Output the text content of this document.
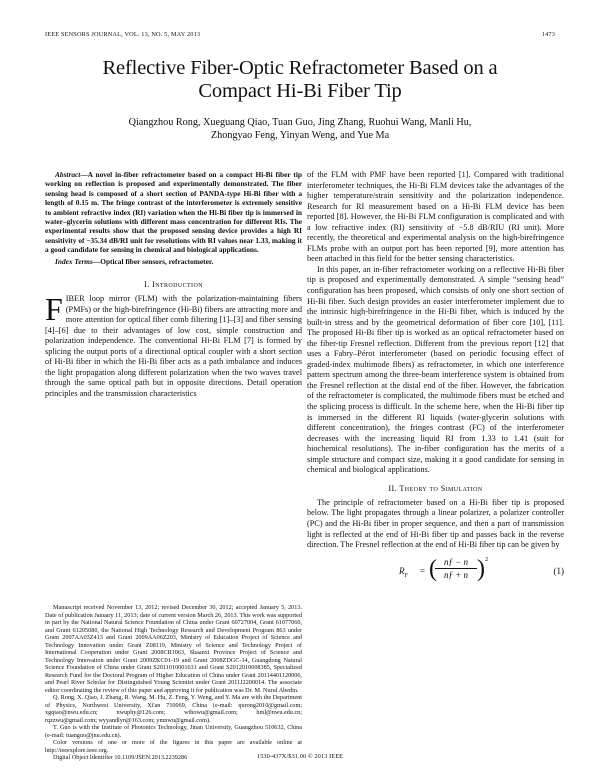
IEEE SENSORS JOURNAL, VOL. 13, NO. 5, MAY 2013	1473
Reflective Fiber-Optic Refractometer Based on a
Compact Hi-Bi Fiber Tip
Qiangzhou Rong, Xueguang Qiao, Tuan Guo, Jing Zhang, Ruohui Wang, Manli Hu,
Zhongyao Feng, Yinyan Weng, and Yue Ma

Abstract—A novel in-fiber refractometer based on a compact Hi-Bi fiber tip working on reflection is proposed and experimentally demonstrated. The fiber sensing head is composed of a short section of PANDA-type Hi-Bi fiber with a length of 0.15 m. The fringe contrast of the interferometer is extremely sensitive to ambient refractive index (RI) variation when the Hi-Bi fiber tip is immersed in water–glycerin solutions with different mass concentration for different RIs. The experimental results show that the proposed sensing device provides a high RI sensitivity of −35.34 dB/RI unit for resolutions with RI values near 1.33, making it a good candidate for sensing in chemical and biological applications.

Index Terms—Optical fiber sensors, refractometer.

I. Introduction
F IBER loop mirror (FLM) with the polarization-maintaining fibers (PMFs) or the high-birefringence (Hi-Bi) fibers are attracting more and more attention for optical fiber comb filtering [1]–[3] and fiber sensing [4]–[6] due to their advantages of low cost, simple construction and polarization independence. The conventional Hi-Bi FLM [7] is formed by splicing the output ports of a directional optical coupler with a short section of Hi-Bi fiber in which the Hi-Bi fiber acts as a path imbalance and induces the light propagation along different polarization when the two waves travel through the same optical path but in opposite directions. Detail operation principles and the transmission characteristics

Manuscript received November 13, 2012; revised December 30, 2012; accepted January 5, 2013. Date of publication January 11, 2013; date of current version March 26, 2013. This work was supported in part by the National Natural Science Foundation of China under Grant 60727004, Grant 61077060, and Grant 61205080, the National High Technology Research and Development Program 863 under Grant 2007AA03Z413 and Grant 2009AA06Z203, Ministry of Education Project of Science and Technology Innovation under Grant Z08119, Ministry of Science and Technology Project of International Cooperation under Grant 2008CR1063, Shaanxi Province Project of Science and Technology Innovation under Grant 2009ZKC01-19 and Grant 2008ZDGC-14, Guangdong Natural Science Foundation of China under Grant S2011010001631 and Grant S2012010008385, Specialized Research Fund for the Doctoral Program of Higher Education of China under Grant 20114401120006, and Pearl River Scholar for Distinguished Young Scientist under Grant 2011J2200014. The associate editor coordinating the review of this paper and approving it for publication was Dr. M. Nurul Abedin.

Q. Rong, X. Qiao, J. Zhang, R. Wang, M. Hu, Z. Feng, Y. Weng, and Y. Ma are with the Department of Physics, Northwest University, Xi'an 710069, China (e-mail: qurong2010@gmail.com; xgqiao@nwu.edu.cn; nwuphy@126.com; wthowu@gmail.com; hml@nwu.edu.cn; rqzzwu@gmail.com; wyyandlyn@163.com; ymnwu@gmail.com).

T. Guo is with the Institute of Photonics Technology, Jinan University, Guangzhou 510632, China (e-mail: tuanguo@jnu.edu.cn).

Color versions of one or more of the figures in this paper are available online at http://ieeexplore.ieee.org.

Digital Object Identifier 10.1109/JSEN.2013.2239286

of the FLM with PMF have been reported [1]. Compared with traditional interferometer techniques, the Hi-Bi FLM devices take the advantages of the higher temperature/strain sensitivity and the polarization independence. Research for RI measurement based on a Hi-Bi FLM device has been reported [8]. However, the Hi-Bi FLM configuration is complicated and with a low refractive index (RI) sensitivity of −5.8 dB/RIU (RI unit). More recently, the theoretical and experimental analysis on the high-birefringence FLMs probe with an output port has been reported [9], more attention has been attached in this field for the better sensing characteristics.

In this paper, an in-fiber refractometer working on a reflective Hi-Bi fiber tip is proposed and experimentally demonstrated. A simple “sensing head” configuration has been proposed, which consists of only one short section of Hi-Bi fiber. Such design provides an easier interferometer implement due to the intrinsic high-birefringence in the Hi-Bi fiber, which is induced by the built-in stress and by the geometrical deformation of fiber core [10], [11]. The proposed Hi-Bi fiber tip is worked as an optical refractometer based on the fiber-tip Fresnel reflection. Different from the previous report [12] that uses a Fabry–Pérot interferometer (based on periodic focusing effect of graded-index multimode fibers) as refractometer, in which one interference pattern spectrum among the three-beam interference system is obtained from the Fresnel reflection at the distal end of the fiber. However, the fabrication of the refractometer is complicated, the multimode fibers must be etched and the splicing process is difficult. In the scheme here, when the Hi-Bi fiber tip is immersed in the different RI liquids (water-glycerin solutions with different concentration), the fringes contrast (FC) of the interferometer decreases with the increasing liquid RI from 1.33 to 1.41 (suit for biochemical resolutions). The in-fiber configuration has the merits of a simple structure and compact size, making it a good candidate for sensing in chemical and biological applications.

II. Theory to Simulation

The principle of refractometer based on a Hi-Bi fiber tip is proposed below. The light propagates through a linear polarizer, a polarizer controller (PC) and the Hi-Bi fiber in proper sequence, and then a part of transmission light is reflected at the end of Hi-Bi fiber tip and passes back in the reverse direction. The Fresnel reflection at the end of Hi-Bi fiber tip can be given by

$R_F$ = (
$\frac{nƒ - n}{nƒ + n}$ ) 2
(1)
1530-437X/$31.00 © 2013 IEEE
